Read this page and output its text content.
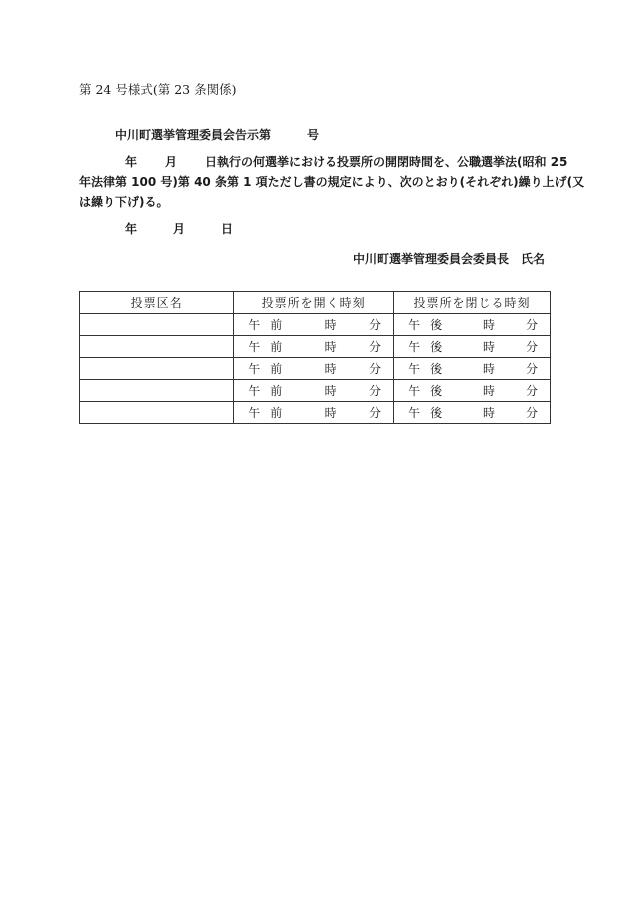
第 24 号様式(第 23 条関係)
中川町選挙管理委員会告示第	号
年 月 日執行の何選挙における投票所の開閉時間を、公職選挙法(昭和 25
年法律第 100 号)第 40 条第 1 項ただし書の規定により、次のとおり(それぞれ)繰り上げ(又
は繰り下げ)る。
年	月	日
中川町選挙管理委員会委員長 氏名
投票区名	投票所を開く時刻	投票所を閉じる時刻

	午 前 時 分	午 後 時 分

	午 前 時 分	午 後 時 分

	午 前 時 分	午 後 時 分

	午 前 時 分	午 後 時 分

	午 前 時 分	午 後 時 分
